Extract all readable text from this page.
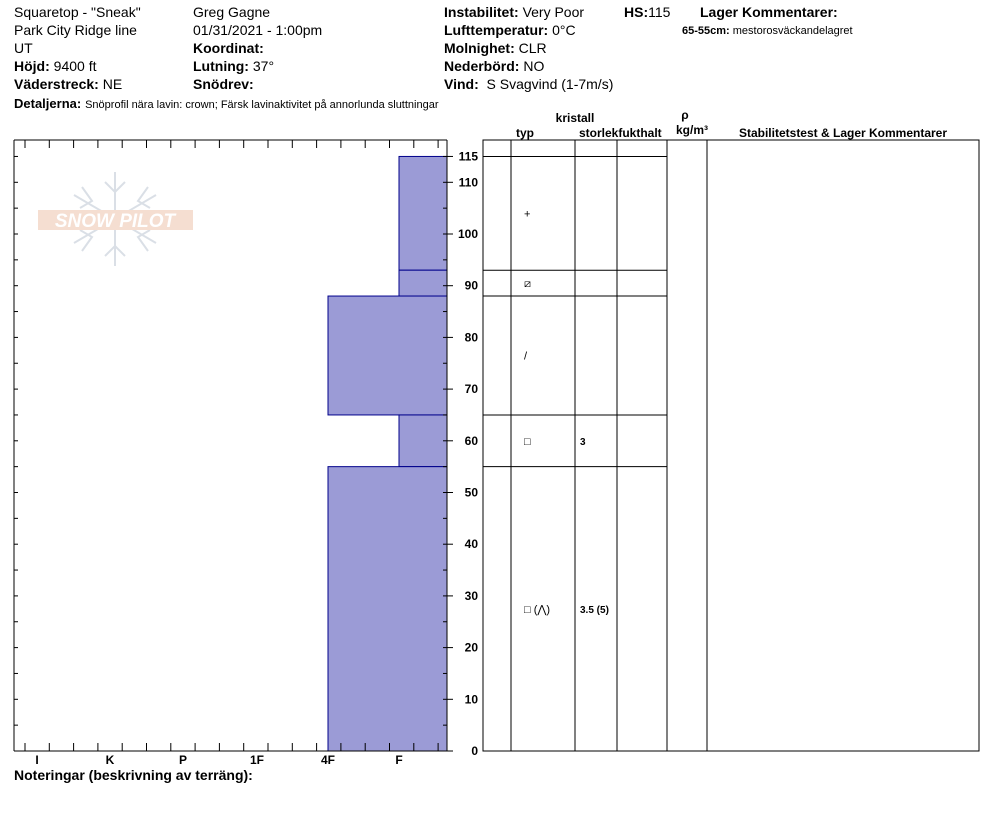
Squaretop - "Sneak"
Park City Ridge line
UT
Höjd: 9400 ft
Väderstreck: NE
Detaljerna: Snöprofil nära lavin: crown; Färsk lavinaktivitet på annorlunda sluttningar
Greg Gagne
01/31/2021 - 1:00pm
Koordinat:
Lutning: 37°
Snödrev:
Instabilitet: Very Poor	HS:115 Lager Kommentarer:
65-55cm: mestorosväckandelagret
Lufttemperatur: 0°C
Molnighet: CLR
Nederbörd: NO
Vind: S Svagvind (1-7m/s)
SNOW PILOT
0
10
20
30
40
50
60
70
80
90
100
110
115
I	K	P	1F	4F	F
kristall
typ	storlek fukthalt
ρ
kg/m³	Stabilitetstest & Lager Kommentarer
+
⧄
/
□	3
□ (⋀)	3.5 (5)
Noteringar (beskrivning av terräng):
